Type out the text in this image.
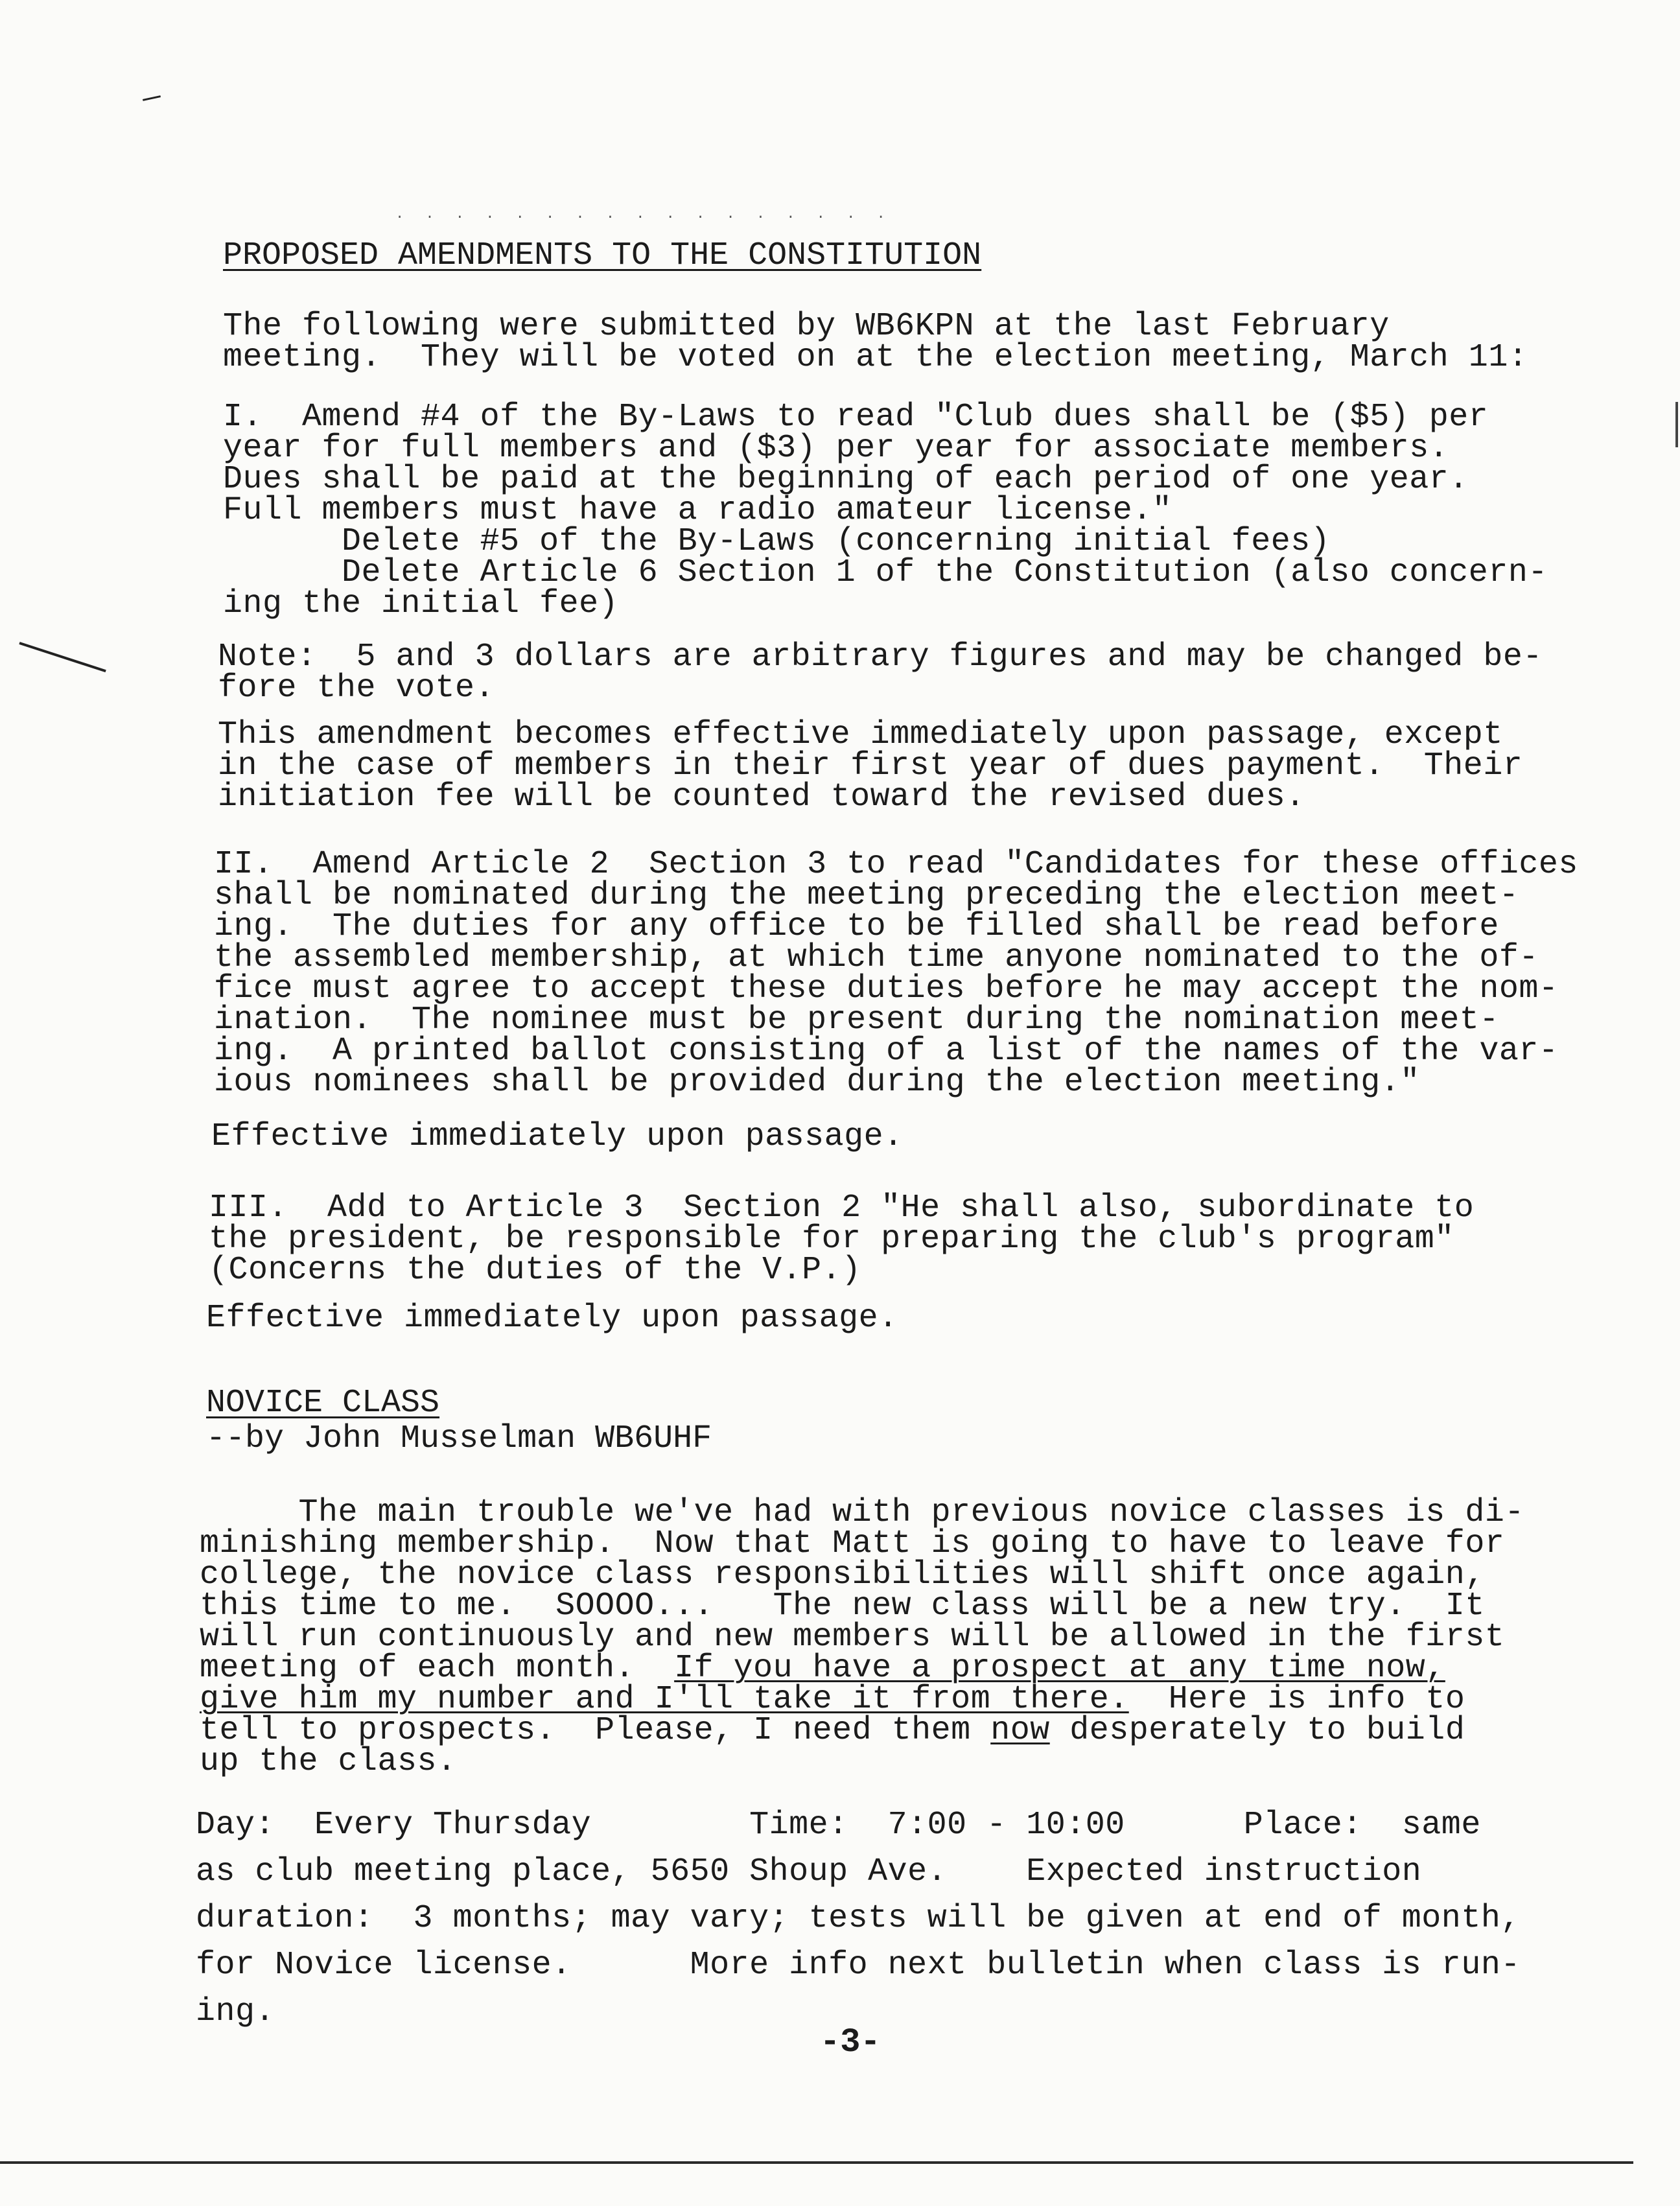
. . . . . . . . . . . . . . . . .
PROPOSED AMENDMENTS TO THE CONSTITUTION
The following were submitted by WB6KPN at the last February
meeting.  They will be voted on at the election meeting, March 11:
I.  Amend #4 of the By-Laws to read "Club dues shall be ($5) per
year for full members and ($3) per year for associate members.
Dues shall be paid at the beginning of each period of one year.
Full members must have a radio amateur license."
Delete #5 of the By-Laws (concerning initial fees)
Delete Article 6 Section 1 of the Constitution (also concern-
ing the initial fee)
Note:  5 and 3 dollars are arbitrary figures and may be changed be-
fore the vote.
This amendment becomes effective immediately upon passage, except
in the case of members in their first year of dues payment.  Their
initiation fee will be counted toward the revised dues.
II.  Amend Article 2  Section 3 to read "Candidates for these offices
shall be nominated during the meeting preceding the election meet-
ing.  The duties for any office to be filled shall be read before
the assembled membership, at which time anyone nominated to the of-
fice must agree to accept these duties before he may accept the nom-
ination.  The nominee must be present during the nomination meet-
ing.  A printed ballot consisting of a list of the names of the var-
ious nominees shall be provided during the election meeting."
Effective immediately upon passage.
III.  Add to Article 3  Section 2 "He shall also, subordinate to
the president, be responsible for preparing the club's program"
(Concerns the duties of the V.P.)
Effective immediately upon passage.
NOVICE CLASS
--by John Musselman WB6UHF
The main trouble we've had with previous novice classes is di-
minishing membership.  Now that Matt is going to have to leave for
college, the novice class responsibilities will shift once again,
this time to me.  SOOOO...   The new class will be a new try.  It
will run continuously and new members will be allowed in the first
meeting of each month.  If you have a prospect at any time now,
give him my number and I'll take it from there.  Here is info to
tell to prospects.  Please, I need them now desperately to build
up the class.
Day:  Every Thursday        Time:  7:00 - 10:00      Place:  same
as club meeting place, 5650 Shoup Ave.    Expected instruction
duration:  3 months; may vary; tests will be given at end of month,
for Novice license.      More info next bulletin when class is run-
ing.
-3-
